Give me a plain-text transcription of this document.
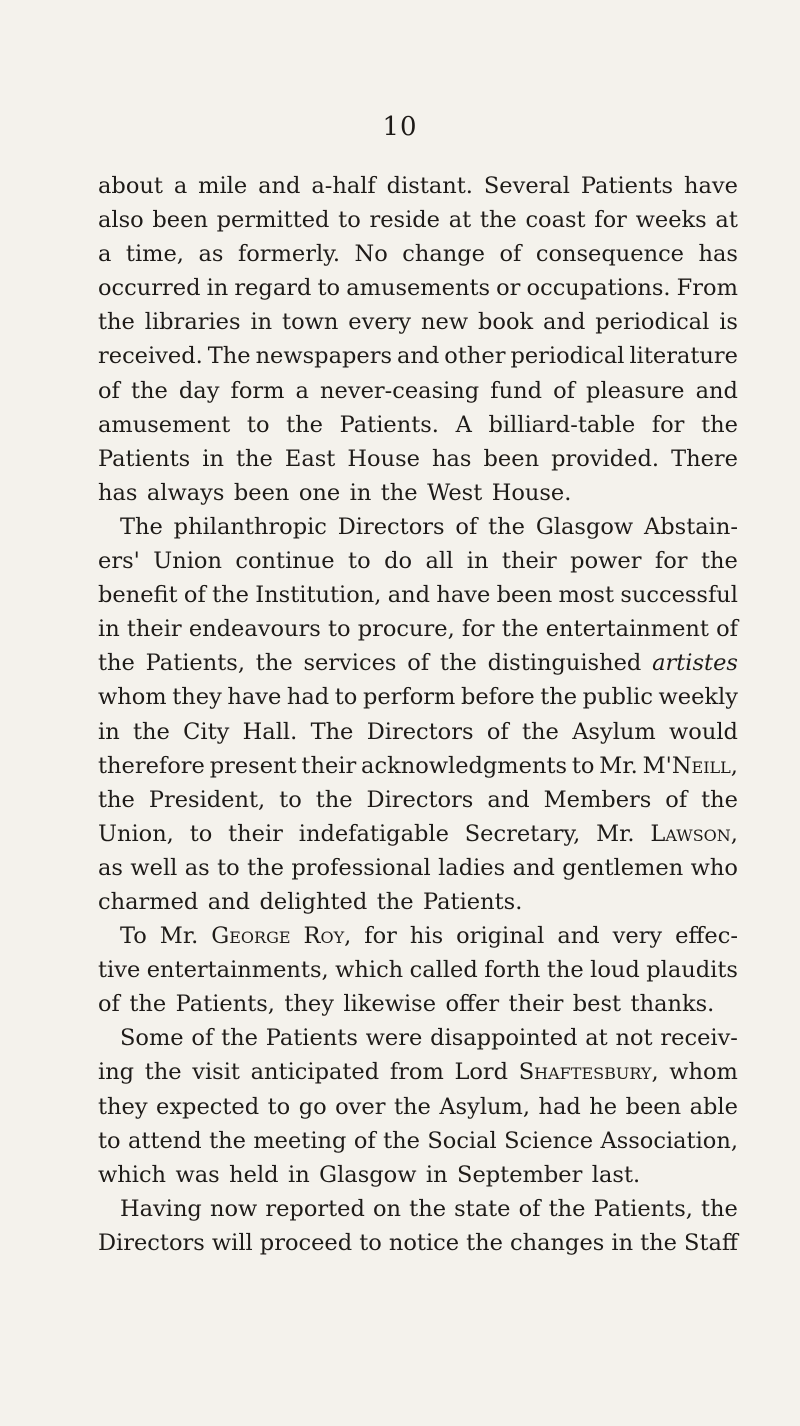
10
about a mile and a-half distant. Several Patients have
also been permitted to reside at the coast for weeks at
a time, as formerly. No change of consequence has
occurred in regard to amusements or occupations. From
the libraries in town every new book and periodical is
received. The newspapers and other periodical literature
of the day form a never-ceasing fund of pleasure and
amusement to the Patients. A billiard-table for the
Patients in the East House has been provided. There
has always been one in the West House.
The philanthropic Directors of the Glasgow Abstain-
ers' Union continue to do all in their power for the
benefit of the Institution, and have been most successful
in their endeavours to procure, for the entertainment of
the Patients, the services of the distinguished artistes
whom they have had to perform before the public weekly
in the City Hall. The Directors of the Asylum would
therefore present their acknowledgments to Mr. M'Neill,
the President, to the Directors and Members of the
Union, to their indefatigable Secretary, Mr. Lawson,
as well as to the professional ladies and gentlemen who
charmed and delighted the Patients.
To Mr. George Roy, for his original and very effec-
tive entertainments, which called forth the loud plaudits
of the Patients, they likewise offer their best thanks.
Some of the Patients were disappointed at not receiv-
ing the visit anticipated from Lord Shaftesbury, whom
they expected to go over the Asylum, had he been able
to attend the meeting of the Social Science Association,
which was held in Glasgow in September last.
Having now reported on the state of the Patients, the
Directors will proceed to notice the changes in the Staff
